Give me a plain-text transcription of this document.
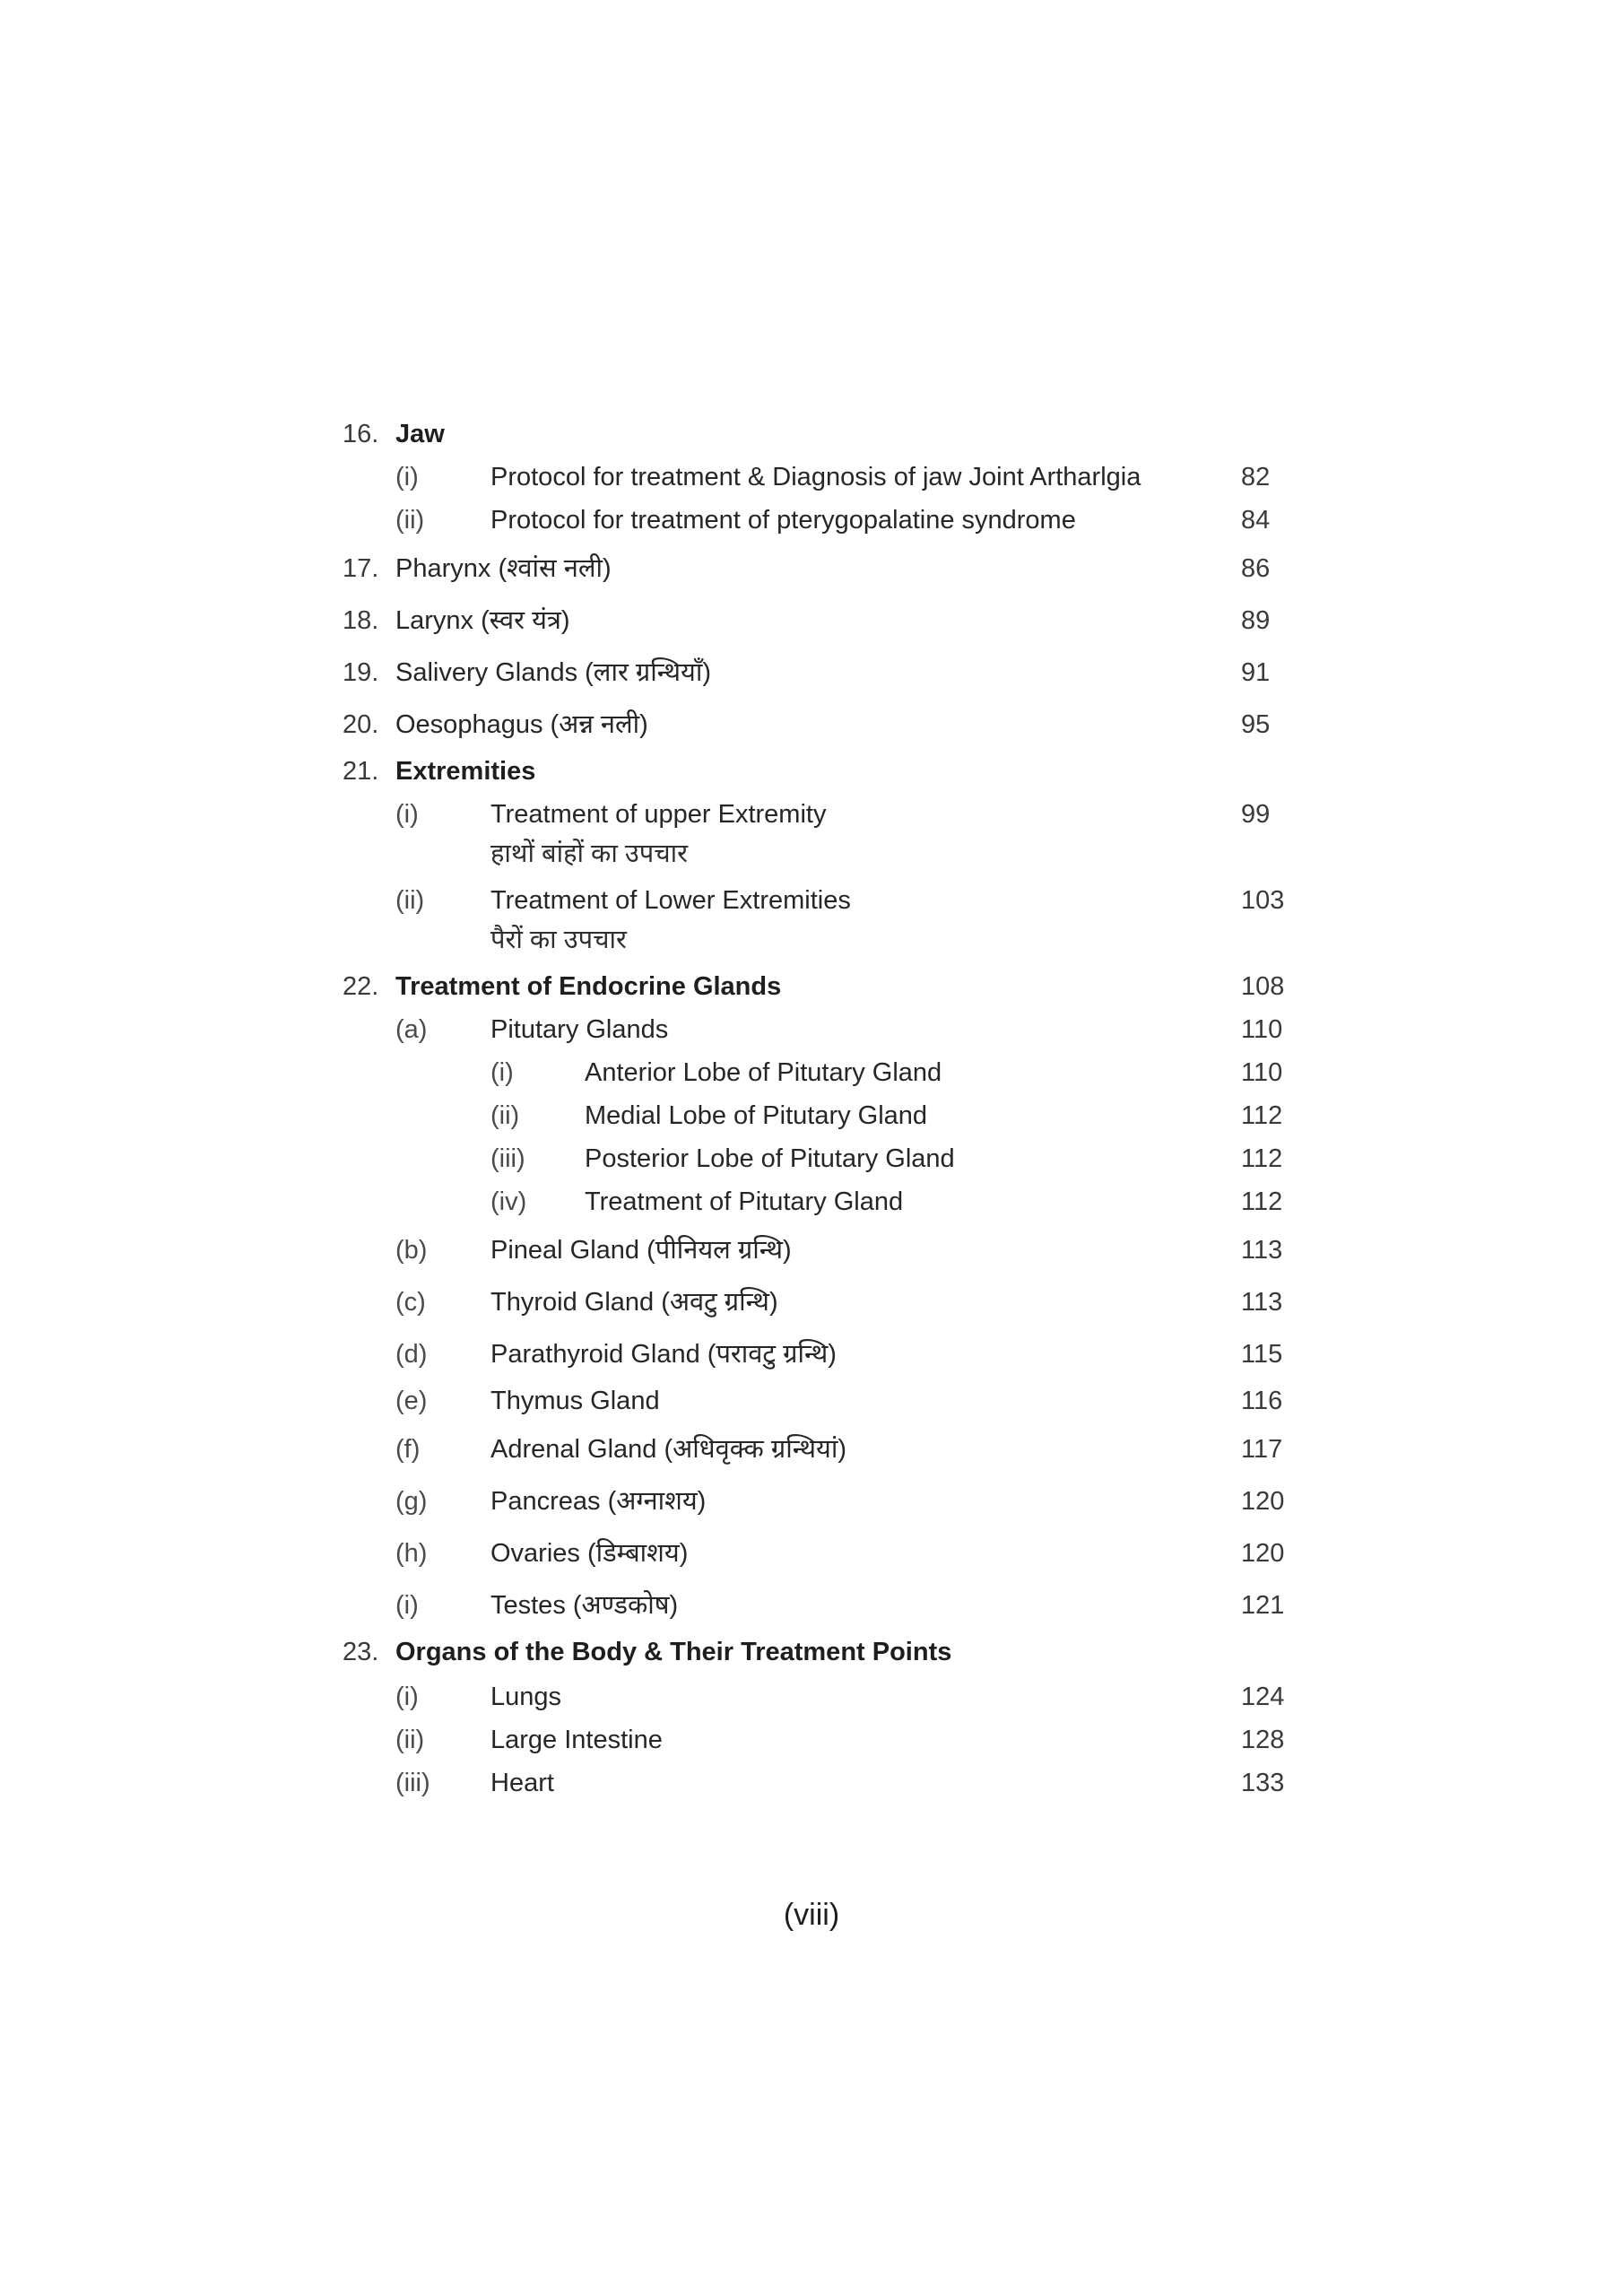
16. Jaw
(i)	Protocol for treatment & Diagnosis of jaw Joint Artharlgia	82
(ii)	Protocol for treatment of pterygopalatine syndrome	84
17. Pharynx (श्वांस नली)	86
18. Larynx (स्वर यंत्र)	89
19. Salivery Glands (लार ग्रन्थियाँ)	91
20. Oesophagus (अन्न नली)	95
21. Extremities
(i)	Treatment of upper Extremity	99
हाथों बांहों का उपचार
(ii)	Treatment of Lower Extremities	103
पैरों का उपचार
22. Treatment of Endocrine Glands	108
(a) Pitutary Glands	110
(i)	Anterior Lobe of Pitutary Gland	110
(ii)	Medial Lobe of Pitutary Gland	112
(iii) Posterior Lobe of Pitutary Gland	112
(iv) Treatment of Pitutary Gland	112
(b) Pineal Gland (पीनियल ग्रन्थि)	113
(c) Thyroid Gland (अवटु ग्रन्थि)	113
(d) Parathyroid Gland (परावटु ग्रन्थि)	115
(e) Thymus Gland	116
(f)	Adrenal Gland (अधिवृक्क ग्रन्थियां)	117
(g) Pancreas (अग्नाशय)	120
(h) Ovaries (डिम्बाशय)	120
(i)	Testes (अण्डकोष)	121
23. Organs of the Body & Their Treatment Points
(i)	Lungs	124
(ii)	Large Intestine	128
(iii) Heart	133
(viii)
